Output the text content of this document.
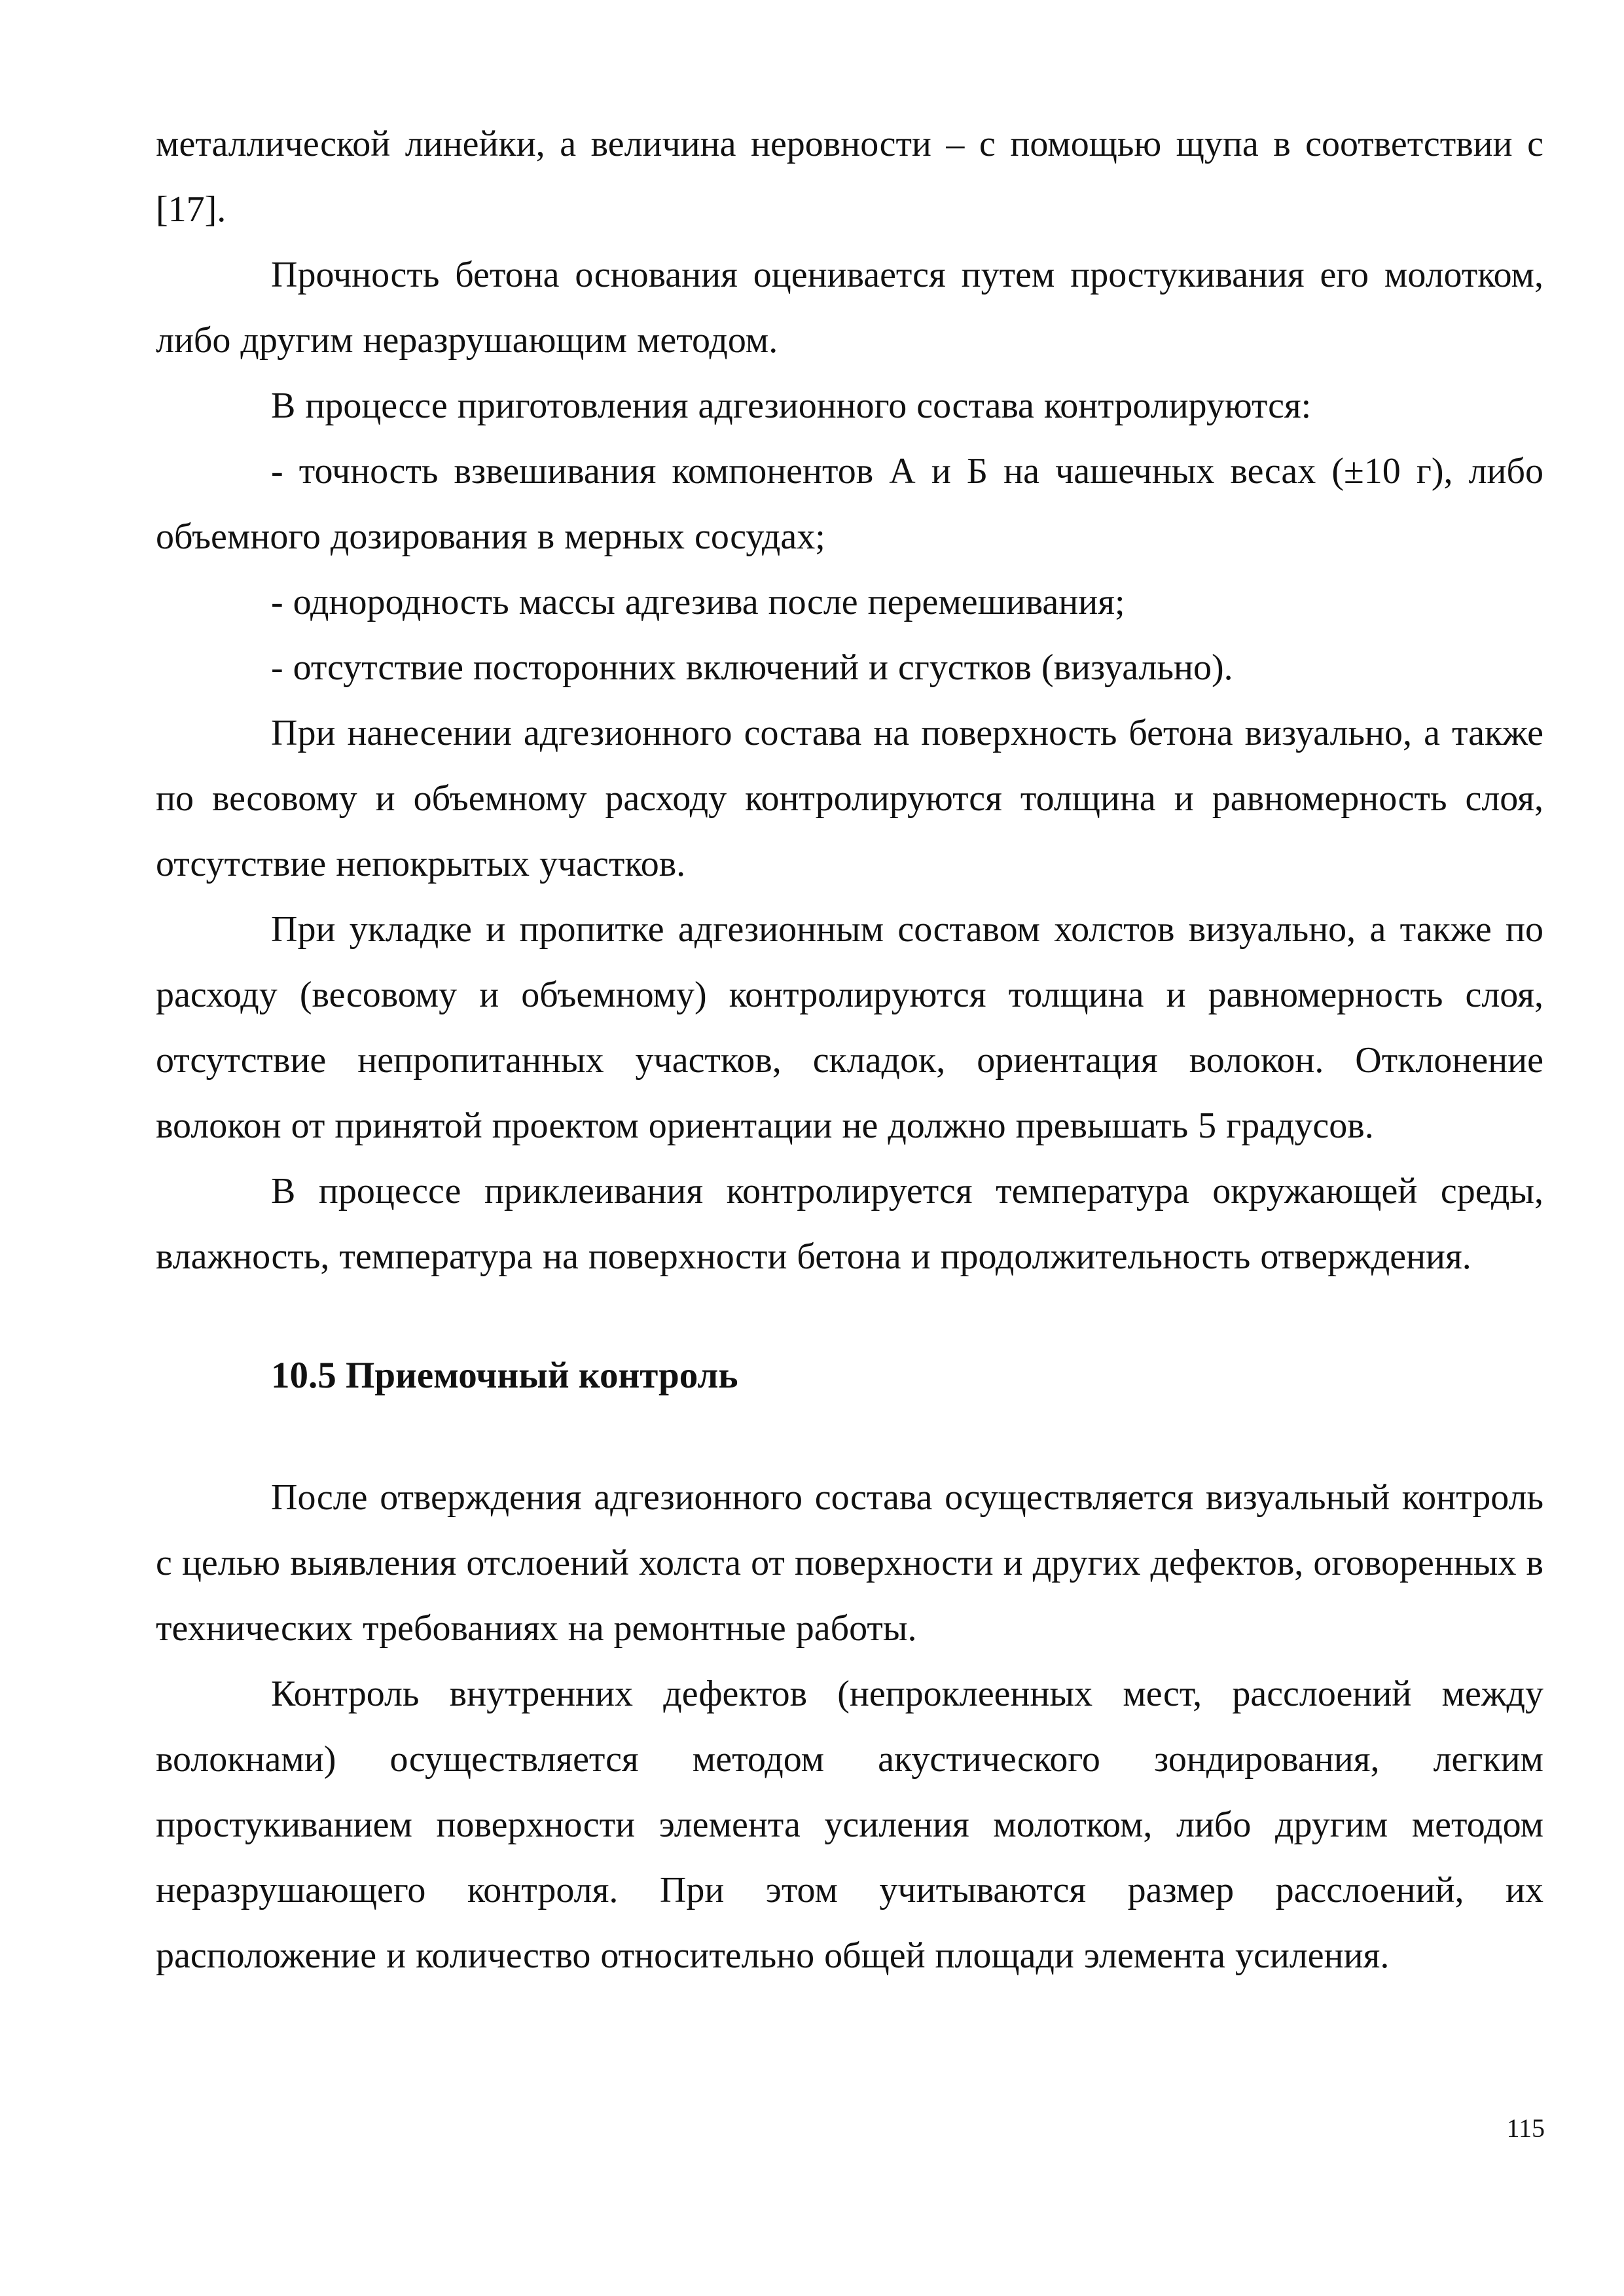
металлической линейки, а величина неровности – с помощью щупа в соответствии с [17].

Прочность бетона основания оценивается путем простукивания его молотком, либо другим неразрушающим методом.

В процессе приготовления адгезионного состава контролируются:

- точность взвешивания компонентов А и Б на чашечных весах (±10 г), либо объемного дозирования в мерных сосудах;

- однородность массы адгезива после перемешивания;

- отсутствие посторонних включений и сгустков (визуально).

При нанесении адгезионного состава на поверхность бетона визуально, а также по весовому и объемному расходу контролируются толщина и равномерность слоя, отсутствие непокрытых участков.

При укладке и пропитке адгезионным составом холстов визуально, а также по расходу (весовому и объемному) контролируются толщина и равномерность слоя, отсутствие непропитанных участков, складок, ориентация волокон. Отклонение волокон от принятой проектом ориентации не должно превышать 5 градусов.

В процессе приклеивания контролируется температура окружающей среды, влажность, температура на поверхности бетона и продолжительность отверждения.

10.5 Приемочный контроль

После отверждения адгезионного состава осуществляется визуальный контроль с целью выявления отслоений холста от поверхности и других дефектов, оговоренных в технических требованиях на ремонтные работы.

Контроль внутренних дефектов (непроклеенных мест, расслоений между волокнами) осуществляется методом акустического зондирования, легким простукиванием поверхности элемента усиления молотком, либо другим методом неразрушающего контроля. При этом учитываются размер расслоений, их расположение и количество относительно общей площади элемента усиления.

115
